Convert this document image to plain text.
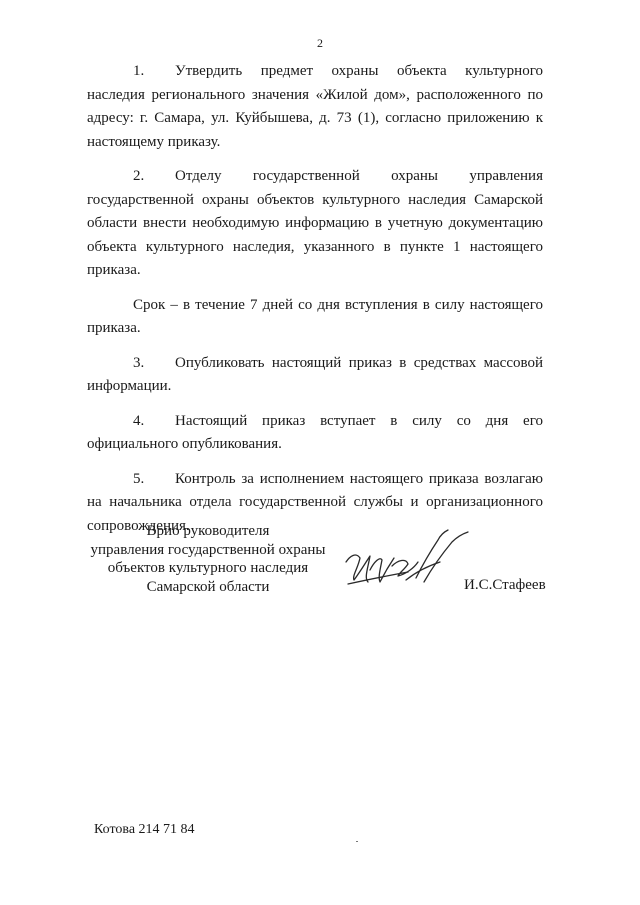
2

1. Утвердить предмет охраны объекта культурного наследия регионального значения «Жилой дом», расположенного по адресу: г. Самара, ул. Куйбышева, д. 73 (1), согласно приложению к настоящему приказу.

2. Отделу государственной охраны управления государственной охраны объектов культурного наследия Самарской области внести необходимую информацию в учетную документацию объекта культурного наследия, указанного в пункте 1 настоящего приказа.

Срок – в течение 7 дней со дня вступления в силу настоящего приказа.

3. Опубликовать настоящий приказ в средствах массовой информации.

4. Настоящий приказ вступает в силу со дня его официального опубликования.

5. Контроль за исполнением настоящего приказа возлагаю на начальника отдела государственной службы и организационного сопровождения.

Врио руководителя
управления государственной охраны
объектов культурного наследия
Самарской области	И.С.Стафеев
Котова 214 71 84
